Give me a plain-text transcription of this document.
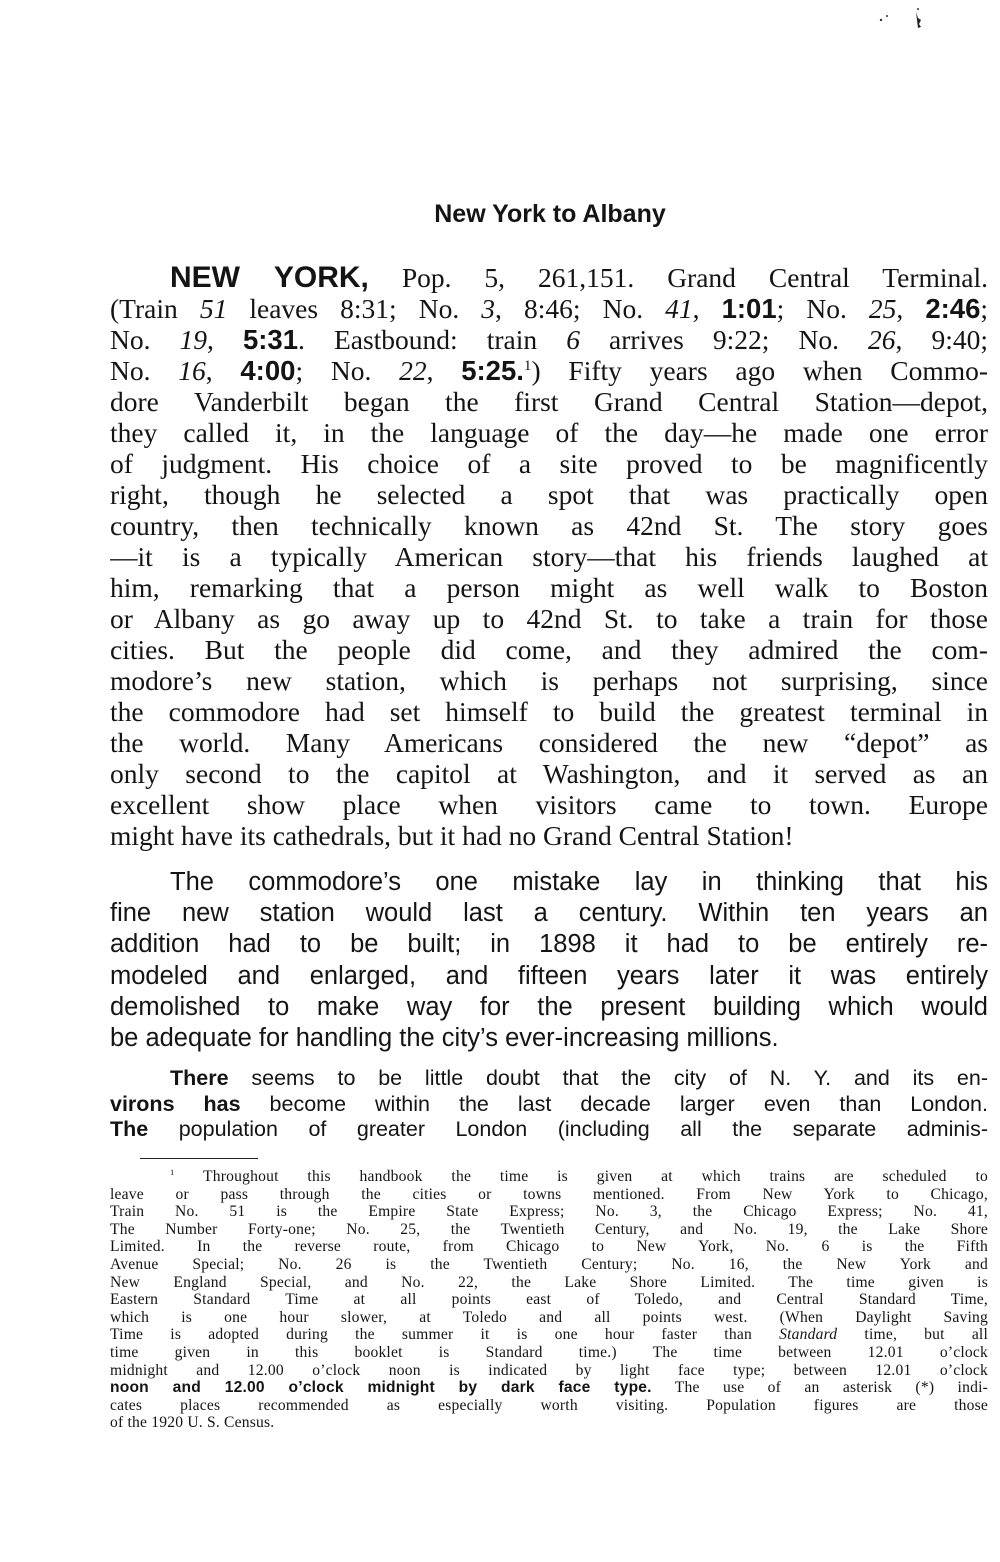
New York to Albany
NEW YORK, Pop. 5, 261,151. Grand Central Terminal.
(Train 51 leaves 8:31; No. 3, 8:46; No. 41, 1:01; No. 25, 2:46;
No. 19, 5:31. Eastbound: train 6 arrives 9:22; No. 26, 9:40;
No. 16, 4:00; No. 22, 5:25.$^1$) Fifty years ago when Commo-
dore Vanderbilt began the first Grand Central Station—depot,
they called it, in the language of the day—he made one error
of judgment. His choice of a site proved to be magnificently
right, though he selected a spot that was practically open
country, then technically known as 42nd St. The story goes
—it is a typically American story—that his friends laughed at
him, remarking that a person might as well walk to Boston
or Albany as go away up to 42nd St. to take a train for those
cities. But the people did come, and they admired the com-
modore’s new station, which is perhaps not surprising, since
the commodore had set himself to build the greatest terminal in
the world. Many Americans considered the new “depot” as
only second to the capitol at Washington, and it served as an
excellent show place when visitors came to town. Europe
might have its cathedrals, but it had no Grand Central Station!
The commodore’s one mistake lay in thinking that his
fine new station would last a century. Within ten years an
addition had to be built; in 1898 it had to be entirely re-
modeled and enlarged, and fifteen years later it was entirely
demolished to make way for the present building which would
be adequate for handling the city’s ever-increasing millions.
There seems to be little doubt that the city of N. Y. and its en-
virons has become within the last decade larger even than London.
The population of greater London (including all the separate adminis-
$^1$ Throughout this handbook the time is given at which trains are scheduled to
leave or pass through the cities or towns mentioned. From New York to Chicago,
Train No. 51 is the Empire State Express; No. 3, the Chicago Express; No. 41,
The Number Forty-one; No. 25, the Twentieth Century, and No. 19, the Lake Shore
Limited. In the reverse route, from Chicago to New York, No. 6 is the Fifth
Avenue Special; No. 26 is the Twentieth Century; No. 16, the New York and
New England Special, and No. 22, the Lake Shore Limited. The time given is
Eastern Standard Time at all points east of Toledo, and Central Standard Time,
which is one hour slower, at Toledo and all points west. (When Daylight Saving
Time is adopted during the summer it is one hour faster than Standard time, but all
time given in this booklet is Standard time.) The time between 12.01 o’clock
midnight and 12.00 o’clock noon is indicated by light face type; between 12.01 o’clock
noon and 12.00 o’clock midnight by dark face type. The use of an asterisk (*) indi-
cates places recommended as especially worth visiting. Population figures are those
of the 1920 U. S. Census.
